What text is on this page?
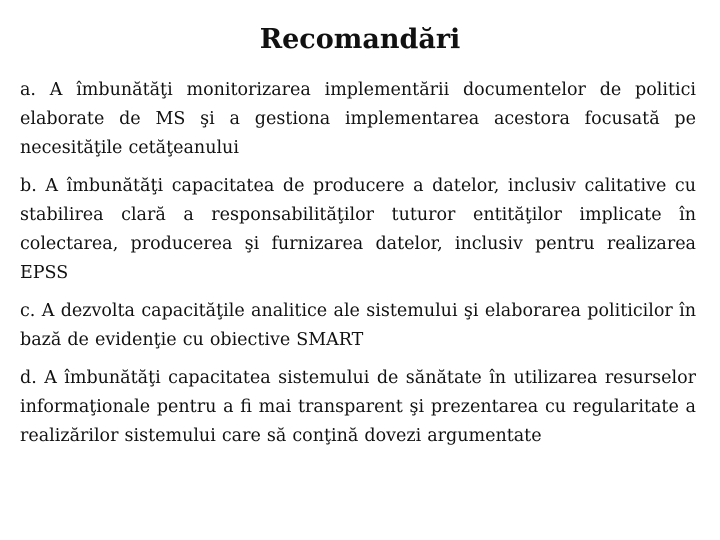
Recomandări

a. A îmbunătăţi monitorizarea implementării documentelor de politici elaborate de MS şi a gestiona implementarea acestora focusată pe necesităţile cetăţeanului

b. A îmbunătăţi capacitatea de producere a datelor, inclusiv calitative cu stabilirea clară a responsabilităţilor tuturor entităţilor implicate în colectarea, producerea şi furnizarea datelor, inclusiv pentru realizarea EPSS

c. A dezvolta capacităţile analitice ale sistemului şi elaborarea politicilor în bază de evidenţie cu obiective SMART

d. A îmbunătăţi capacitatea sistemului de sănătate în utilizarea resurselor informaţionale pentru a fi mai transparent şi prezentarea cu regularitate a realizărilor sistemului care să conţină dovezi argumentate
